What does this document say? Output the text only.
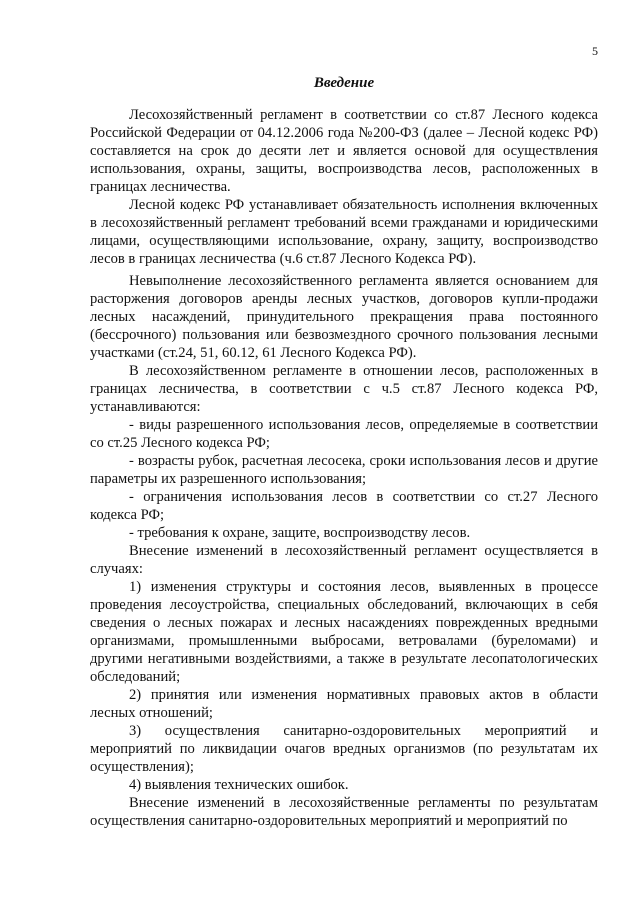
5
Введение

Лесохозяйственный регламент в соответствии со ст.87 Лесного кодекса Российской Федерации от 04.12.2006 года №200-ФЗ (далее – Лесной кодекс РФ) составляется на срок до десяти лет и является основой для осуществления использования, охраны, защиты, воспроизводства лесов, расположенных в границах лесничества.

Лесной кодекс РФ устанавливает обязательность исполнения включенных в лесохозяйственный регламент требований всеми гражданами и юридическими лицами, осуществляющими использование, охрану, защиту, воспроизводство лесов в границах лесничества (ч.6 ст.87 Лесного Кодекса РФ).

Невыполнение лесохозяйственного регламента является основанием для расторжения договоров аренды лесных участков, договоров купли-продажи лесных насаждений, принудительного прекращения права постоянного (бессрочного) пользования или безвозмездного срочного пользования лесными участками (ст.24, 51, 60.12, 61 Лесного Кодекса РФ).

В лесохозяйственном регламенте в отношении лесов, расположенных в границах лесничества, в соответствии с ч.5 ст.87 Лесного кодекса РФ, устанавливаются:

- виды разрешенного использования лесов, определяемые в соответствии со ст.25 Лесного кодекса РФ;

- возрасты рубок, расчетная лесосека, сроки использования лесов и другие параметры их разрешенного использования;

- ограничения использования лесов в соответствии со ст.27 Лесного кодекса РФ;

- требования к охране, защите, воспроизводству лесов.

Внесение изменений в лесохозяйственный регламент осуществляется в случаях:

1) изменения структуры и состояния лесов, выявленных в процессе проведения лесоустройства, специальных обследований, включающих в себя сведения о лесных пожарах и лесных насаждениях поврежденных вредными организмами, промышленными выбросами, ветровалами (буреломами) и другими негативными воздействиями, а также в результате лесопатологических обследований;

2) принятия или изменения нормативных правовых актов в области лесных отношений;

3) осуществления санитарно-оздоровительных мероприятий и мероприятий по ликвидации очагов вредных организмов (по результатам их осуществления);

4) выявления технических ошибок.

Внесение изменений в лесохозяйственные регламенты по результатам осуществления санитарно-оздоровительных мероприятий и мероприятий по
